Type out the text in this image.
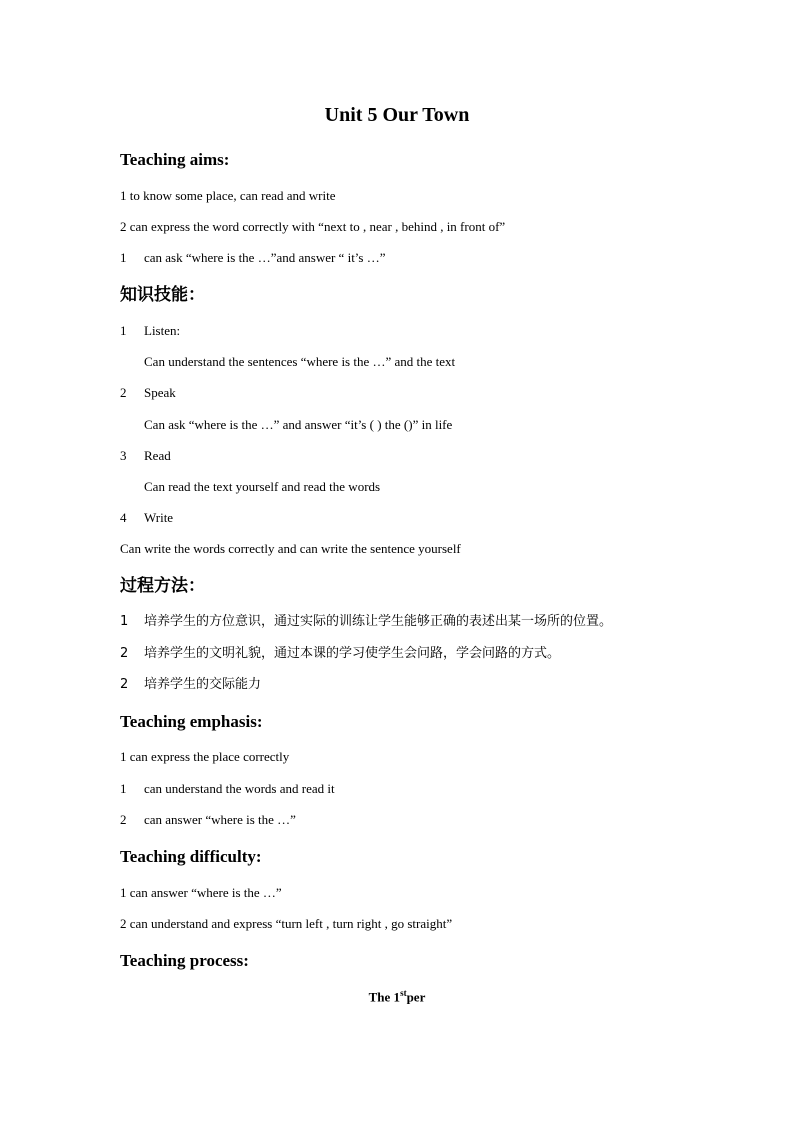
Unit 5 Our Town
Teaching aims:
1 to know some place, can read and write
2 can express the word correctly with “next to , near , behind , in front of”
1 can ask “where is the …”and answer “ it’s …”
知识技能：
1 Listen:
Can understand the sentences “where is the …” and the text
2 Speak
Can ask “where is the …” and answer “it’s ( ) the ()” in life
3 Read
Can read the text yourself and read the words
4 Write
Can write the words correctly and can write the sentence yourself
过程方法：
1 培养学生的方位意识，通过实际的训练让学生能够正确的表述出某一场所的位置。
2 培养学生的文明礼貌，通过本课的学习使学生会问路，学会问路的方式。
2 培养学生的交际能力
Teaching emphasis:
1 can express the place correctly
1 can understand the words and read it
2 can answer “where is the …”
Teaching difficulty:
1 can answer “where is the …”
2 can understand and express “turn left , turn right , go straight”
Teaching process:
The 1stper
